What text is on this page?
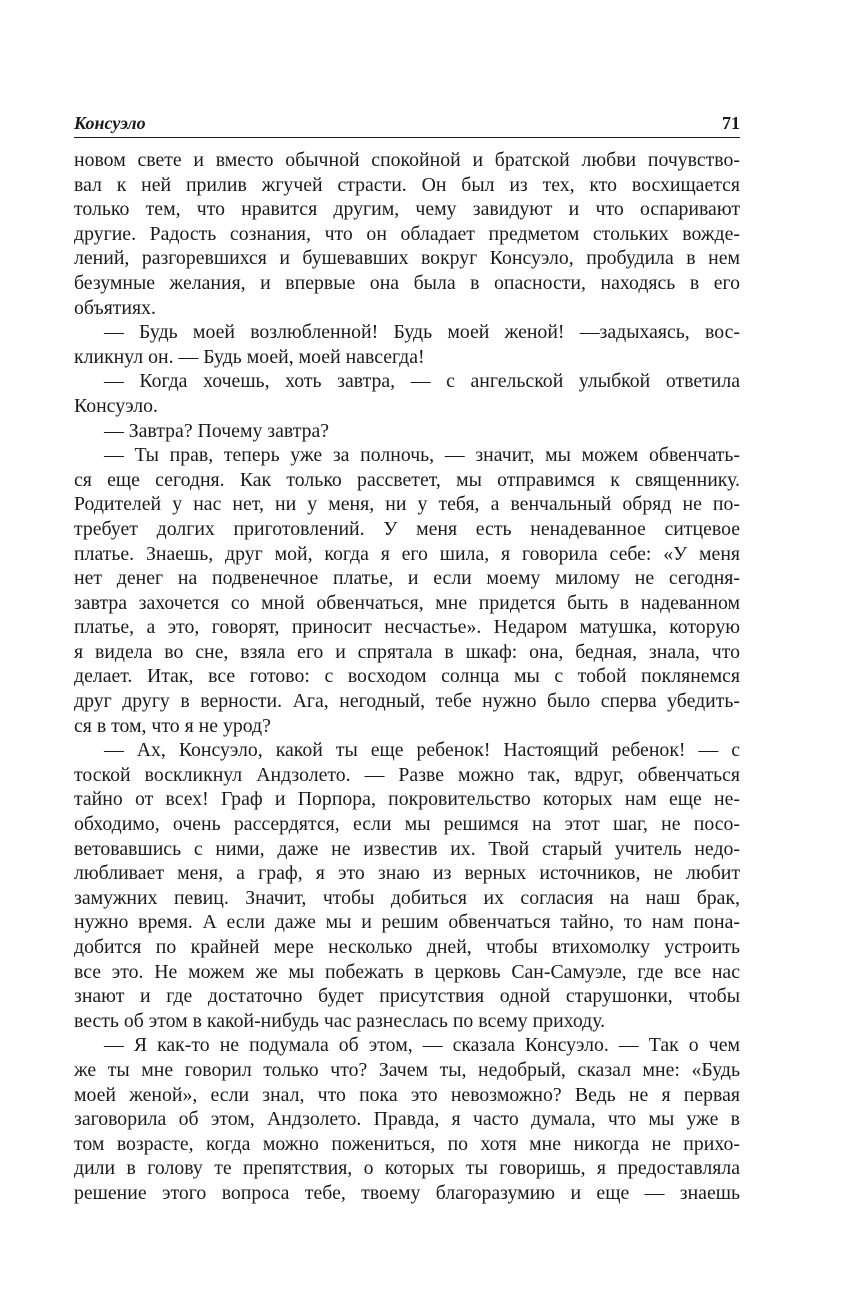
Консуэло	71
новом свете и вместо обычной спокойной и братской любви почувство-
вал к ней прилив жгучей страсти. Он был из тех, кто восхищается
только тем, что нравится другим, чему завидуют и что оспаривают
другие. Радость сознания, что он обладает предметом стольких вожде-
лений, разгоревшихся и бушевавших вокруг Консуэло, пробудила в нем
безумные желания, и впервые она была в опасности, находясь в его
объятиях.
— Будь моей возлюбленной! Будь моей женой! —задыхаясь, вос-
кликнул он. — Будь моей, моей навсегда!
— Когда хочешь, хоть завтра, — с ангельской улыбкой ответила
Консуэло.
— Завтра? Почему завтра?
— Ты прав, теперь уже за полночь, — значит, мы можем обвенчать-
ся еще сегодня. Как только рассветет, мы отправимся к священнику.
Родителей у нас нет, ни у меня, ни у тебя, а венчальный обряд не по-
требует долгих приготовлений. У меня есть ненадеванное ситцевое
платье. Знаешь, друг мой, когда я его шила, я говорила себе: «У меня
нет денег на подвенечное платье, и если моему милому не сегодня-
завтра захочется со мной обвенчаться, мне придется быть в надеванном
платье, а это, говорят, приносит несчастье». Недаром матушка, которую
я видела во сне, взяла его и спрятала в шкаф: она, бедная, знала, что
делает. Итак, все готово: с восходом солнца мы с тобой поклянемся
друг другу в верности. Ага, негодный, тебе нужно было сперва убедить-
ся в том, что я не урод?
— Ах, Консуэло, какой ты еще ребенок! Настоящий ребенок! — с
тоской воскликнул Андзолето. — Разве можно так, вдруг, обвенчаться
тайно от всех! Граф и Порпора, покровительство которых нам еще не-
обходимо, очень рассердятся, если мы решимся на этот шаг, не посо-
ветовавшись с ними, даже не известив их. Твой старый учитель недо-
любливает меня, а граф, я это знаю из верных источников, не любит
замужних певиц. Значит, чтобы добиться их согласия на наш брак,
нужно время. А если даже мы и решим обвенчаться тайно, то нам пона-
добится по крайней мере несколько дней, чтобы втихомолку устроить
все это. Не можем же мы побежать в церковь Сан-Самуэле, где все нас
знают и где достаточно будет присутствия одной старушонки, чтобы
весть об этом в какой-нибудь час разнеслась по всему приходу.
— Я как-то не подумала об этом, — сказала Консуэло. — Так о чем
же ты мне говорил только что? Зачем ты, недобрый, сказал мне: «Будь
моей женой», если знал, что пока это невозможно? Ведь не я первая
заговорила об этом, Андзолето. Правда, я часто думала, что мы уже в
том возрасте, когда можно пожениться, по хотя мне никогда не прихо-
дили в голову те препятствия, о которых ты говоришь, я предоставляла
решение этого вопроса тебе, твоему благоразумию и еще — знаешь
